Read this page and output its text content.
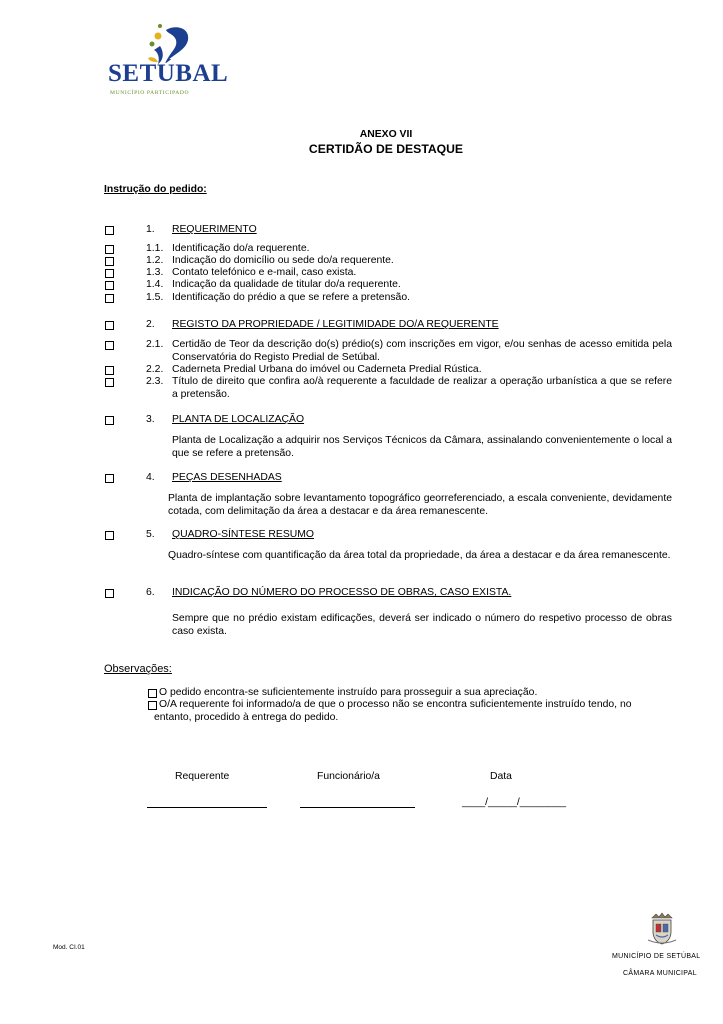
SETÚBAL
MUNICÍPIO PARTICIPADO
ANEXO VII
CERTIDÃO DE DESTAQUE
Instrução do pedido:
1. REQUERIMENTO
1.1. Identificação do/a requerente.
1.2. Indicação do domicílio ou sede do/a requerente.
1.3. Contato telefónico e e-mail, caso exista.
1.4. Indicação da qualidade de titular do/a requerente.
1.5. Identificação do prédio a que se refere a pretensão.
2. REGISTO DA PROPRIEDADE / LEGITIMIDADE DO/A REQUERENTE
2.1. Certidão de Teor da descrição do(s) prédio(s) com inscrições em vigor, e/ou senhas de acesso emitida pela Conservatória do Registo Predial de Setúbal.
2.2. Caderneta Predial Urbana do imóvel ou Caderneta Predial Rústica.
2.3. Título de direito que confira ao/à requerente a faculdade de realizar a operação urbanística a que se refere a pretensão.
3. PLANTA DE LOCALIZAÇÃO
Planta de Localização a adquirir nos Serviços Técnicos da Câmara, assinalando convenientemente o local a que se refere a pretensão.
4. PEÇAS DESENHADAS
Planta de implantação sobre levantamento topográfico georreferenciado, a escala conveniente, devidamente cotada, com delimitação da área a destacar e da área remanescente.
5. QUADRO-SÍNTESE RESUMO
Quadro-síntese com quantificação da área total da propriedade, da área a destacar e da área remanescente.
6. INDICAÇÃO DO NÚMERO DO PROCESSO DE OBRAS, CASO EXISTA.
Sempre que no prédio existam edificações, deverá ser indicado o número do respetivo processo de obras caso exista.
Observações:
O pedido encontra-se suficientemente instruído para prosseguir a sua apreciação.
O/A requerente foi informado/a de que o processo não se encontra suficientemente instruído tendo, no entanto, procedido à entrega do pedido.
Requerente	Funcionário/a	Data
____/_____/________
Mod. CI.01
MUNICÍPIO DE SETÚBAL
CÂMARA MUNICIPAL
